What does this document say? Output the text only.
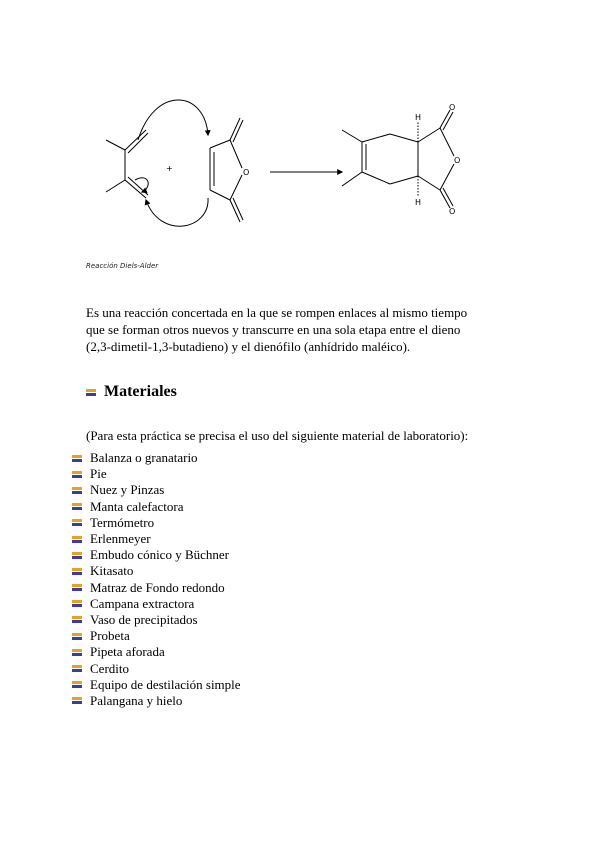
+	O
O
O
O
H
H
Reacción Diels-Alder
Es una reacción concertada en la que se rompen enlaces al mismo tiempo
que se forman otros nuevos y transcurre en una sola etapa entre el dieno
(2,3-dimetil-1,3-butadieno) y el dienófilo (anhídrido maléico).
Materiales
(Para esta práctica se precisa el uso del siguiente material de laboratorio):
Balanza o granatario
Pie
Nuez y Pinzas
Manta calefactora
Termómetro
Erlenmeyer
Embudo cónico y Büchner
Kitasato
Matraz de Fondo redondo
Campana extractora
Vaso de precipitados
Probeta
Pipeta aforada
Cerdito
Equipo de destilación simple
Palangana y hielo
